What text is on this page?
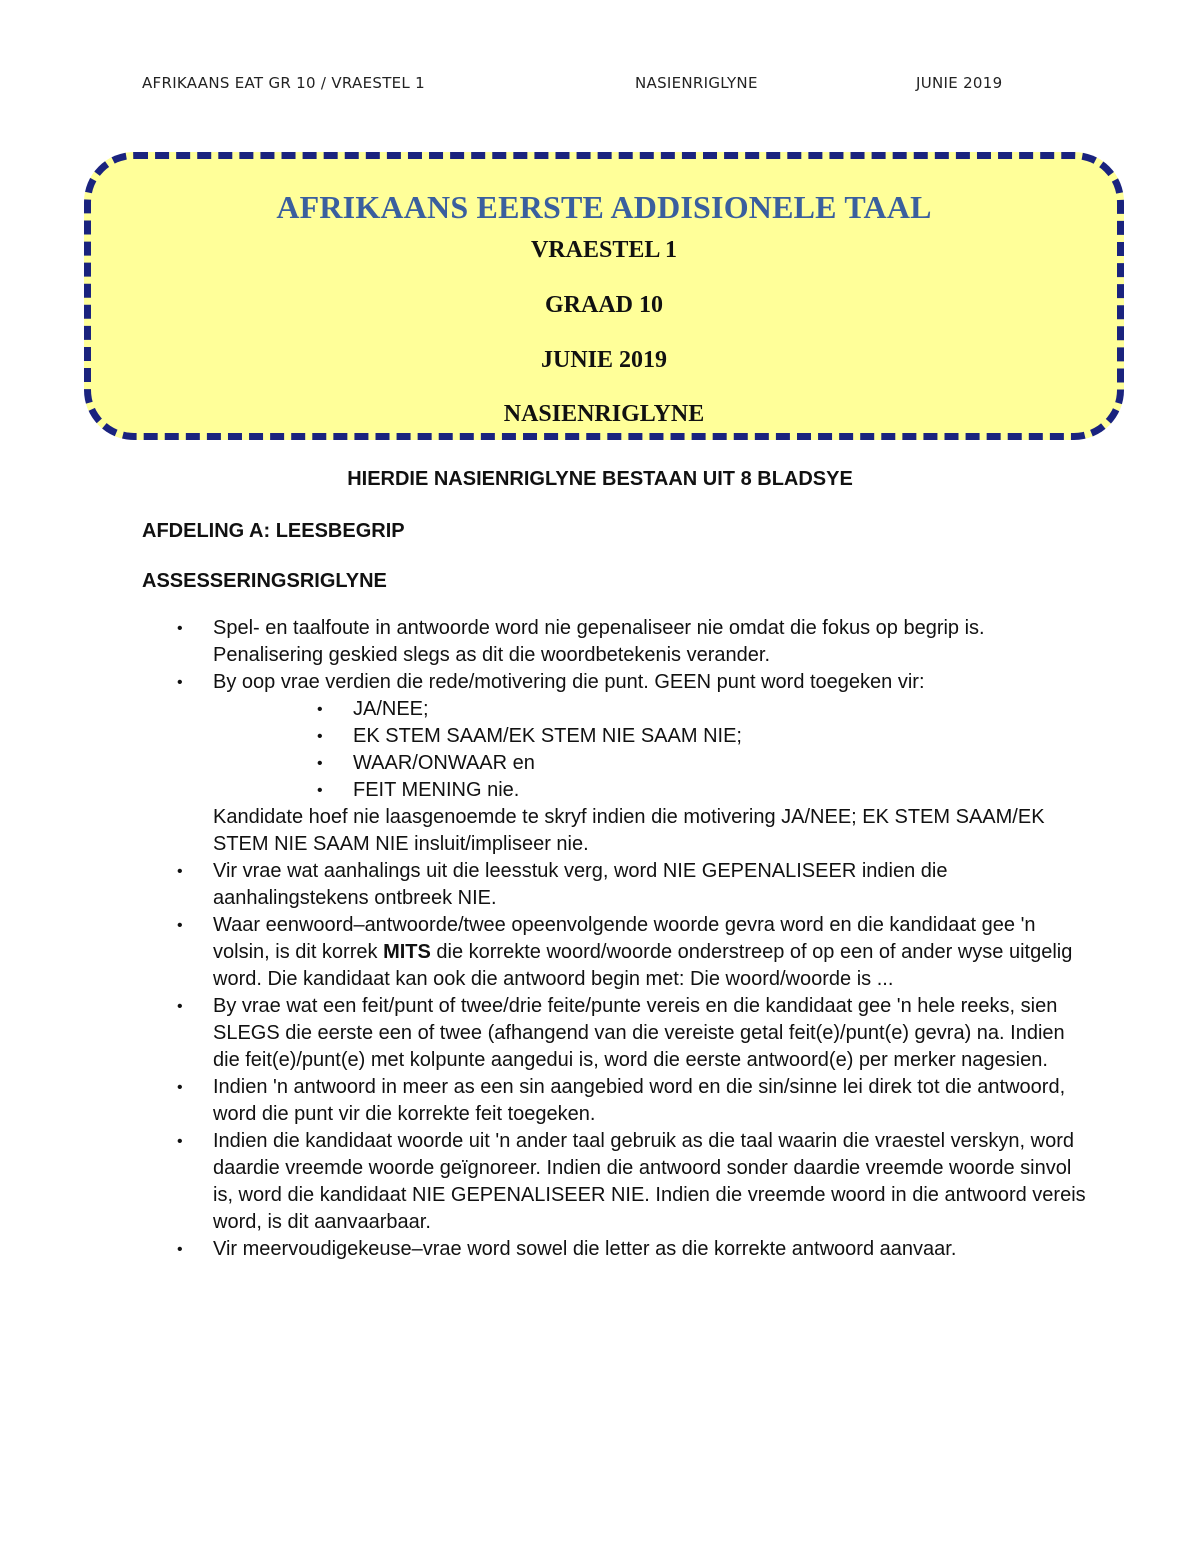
AFRIKAANS EAT GR 10 / VRAESTEL 1	NASIENRIGLYNE	JUNIE 2019
AFRIKAANS EERSTE ADDISIONELE TAAL
VRAESTEL 1
GRAAD 10
JUNIE 2019
NASIENRIGLYNE
HIERDIE NASIENRIGLYNE BESTAAN UIT 8 BLADSYE
AFDELING A: LEESBEGRIP
ASSESSERINGSRIGLYNE
• Spel- en taalfoute in antwoorde word nie gepenaliseer nie omdat die fokus op begrip is.

Penalisering geskied slegs as dit die woordbetekenis verander.

• By oop vrae verdien die rede/motivering die punt. GEEN punt word toegeken vir:

• JA/NEE;
• EK STEM SAAM/EK STEM NIE SAAM NIE;
• WAAR/ONWAAR en
• FEIT MENING nie.

Kandidate hoef nie laasgenoemde te skryf indien die motivering JA/NEE; EK STEM SAAM/EK STEM NIE SAAM NIE insluit/impliseer nie.

• Vir vrae wat aanhalings uit die leesstuk verg, word NIE GEPENALISEER indien die aanhalingstekens ontbreek NIE.

• Waar eenwoord–antwoorde/twee opeenvolgende woorde gevra word en die kandidaat gee 'n volsin, is dit korrek MITS die korrekte woord/woorde onderstreep of op een of ander wyse uitgelig word. Die kandidaat kan ook die antwoord begin met: Die woord/woorde is ...

• By vrae wat een feit/punt of twee/drie feite/punte vereis en die kandidaat gee 'n hele reeks, sien SLEGS die eerste een of twee (afhangend van die vereiste getal feit(e)/punt(e) gevra) na. Indien die feit(e)/punt(e) met kolpunte aangedui is, word die eerste antwoord(e) per merker nagesien.

• Indien 'n antwoord in meer as een sin aangebied word en die sin/sinne lei direk tot die antwoord, word die punt vir die korrekte feit toegeken.

• Indien die kandidaat woorde uit 'n ander taal gebruik as die taal waarin die vraestel verskyn, word daardie vreemde woorde geïgnoreer. Indien die antwoord sonder daardie vreemde woorde sinvol is, word die kandidaat NIE GEPENALISEER NIE. Indien die vreemde woord in die antwoord vereis word, is dit aanvaarbaar.

• Vir meervoudigekeuse–vrae word sowel die letter as die korrekte antwoord aanvaar.
